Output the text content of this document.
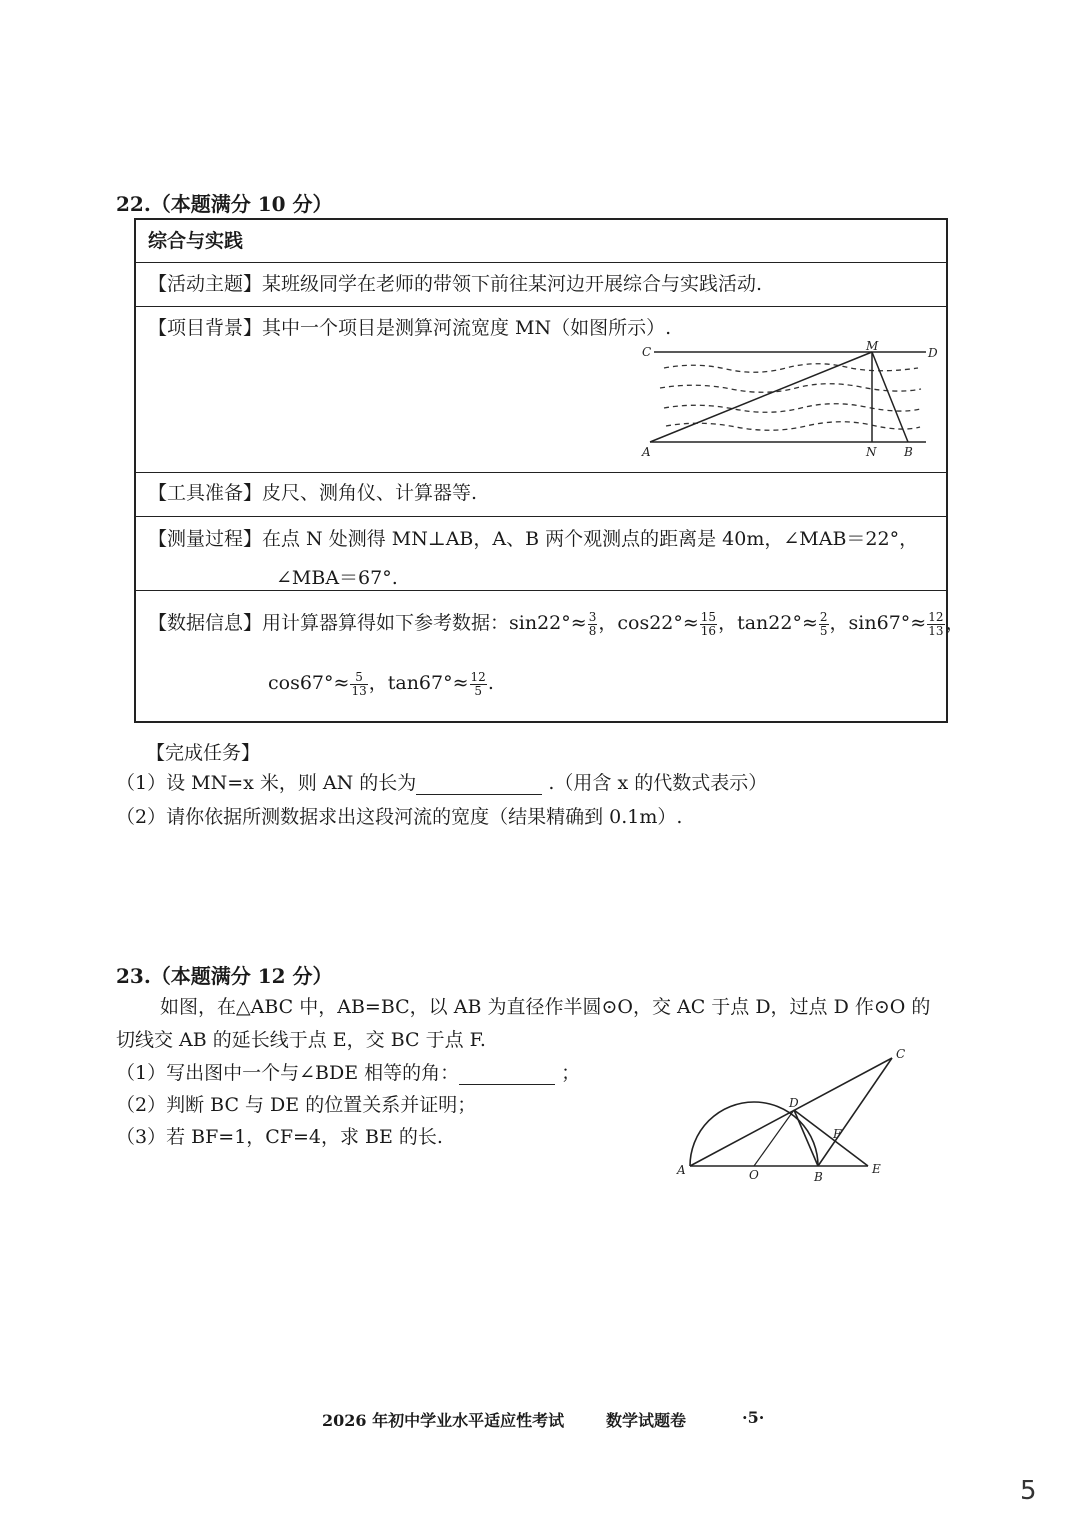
22.（本题满分 10 分）
综合与实践
【活动主题】某班级同学在老师的带领下前往某河边开展综合与实践活动.
【项目背景】其中一个项目是测算河流宽度 MN（如图所示）.
C	M	D
A	N B
【工具准备】皮尺、测角仪、计算器等.
【测量过程】在点 N 处测得 MN⊥AB，A、B 两个观测点的距离是 40m，∠MAB＝22°，
∠MBA＝67°.
【数据信息】用计算器算得如下参考数据：$\sin 22^\circ\approx \frac{3}{8}$ ，$\cos 22^\circ\approx \frac{15}{16}$ ，$\tan 22^\circ\approx \frac{2}{5}$ ，$\sin 67^\circ\approx \frac{12}{13}$ ，
$\cos 67^\circ\approx \frac{5}{13}$ ，$\tan 67^\circ\approx \frac{12}{5}$ .
【完成任务】
（1）设 MN=x 米，则 AN 的长为	.（用含 x 的代数式表示）
（2）请你依据所测数据求出这段河流的宽度（结果精确到 0.1m）.
23.（本题满分 12 分）
如图，在△ABC 中，AB=BC，以 AB 为直径作半圆⊙O，交 AC 于点 D，过点 D 作⊙O 的
切线交 AB 的延长线于点 E，交 BC 于点 F.
（1）写出图中一个与∠BDE 相等的角：	；
（2）判断 BC 与 DE 的位置关系并证明；
（3）若 BF=1，CF=4，求 BE 的长.
A	O	B
E
D
F
C
2026 年初中学业水平适应性考试	数学试题卷	·5·
5
